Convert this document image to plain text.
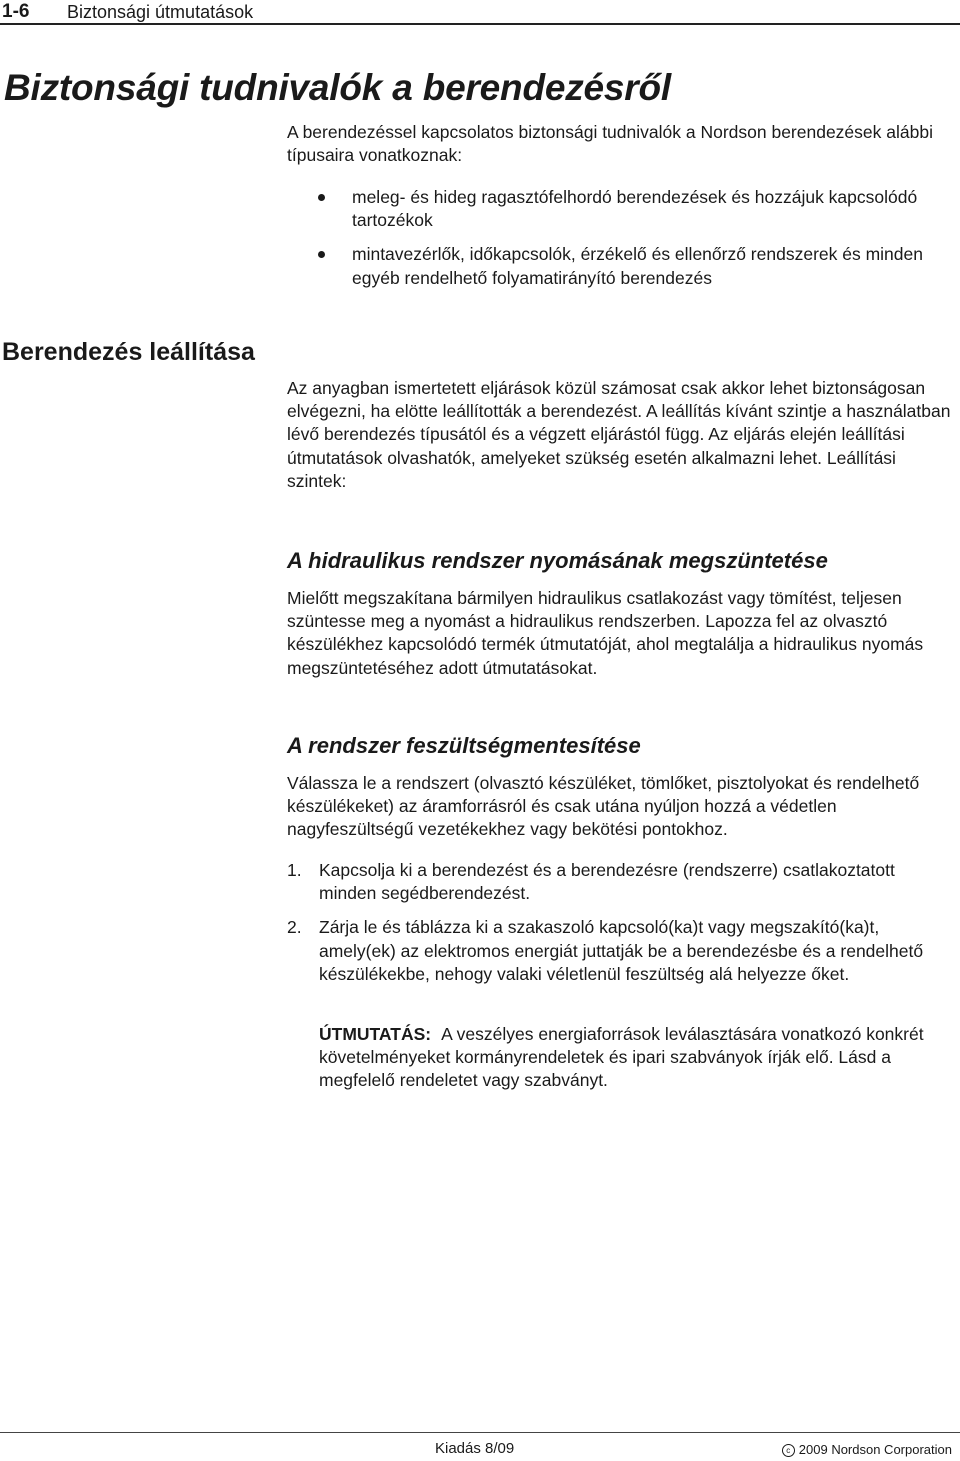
1-6 Biztonsági útmutatások
Biztonsági tudnivalók a berendezésről
A berendezéssel kapcsolatos biztonsági tudnivalók a Nordson berendezések alábbi típusaira vonatkoznak:
meleg- és hideg ragasztófelhordó berendezések és hozzájuk kapcsolódó tartozékok
mintavezérlők, időkapcsolók, érzékelő és ellenőrző rendszerek és minden egyéb rendelhető folyamatirányító berendezés
Berendezés leállítása
Az anyagban ismertetett eljárások közül számosat csak akkor lehet biztonságosan elvégezni, ha elötte leállították a berendezést. A leállítás kívánt szintje a használatban lévő berendezés típusától és a végzett eljárástól függ. Az eljárás elején leállítási útmutatások olvashatók, amelyeket szükség esetén alkalmazni lehet. Leállítási szintek:
A hidraulikus rendszer nyomásának megszüntetése
Mielőtt megszakítana bármilyen hidraulikus csatlakozást vagy tömítést, teljesen szüntesse meg a nyomást a hidraulikus rendszerben. Lapozza fel az olvasztó készülékhez kapcsolódó termék útmutatóját, ahol megtalálja a hidraulikus nyomás megszüntetéséhez adott útmutatásokat.
A rendszer feszültségmentesítése
Válassza le a rendszert (olvasztó készüléket, tömlőket, pisztolyokat és rendelhető készülékeket) az áramforrásról és csak utána nyúljon hozzá a védetlen nagyfeszültségű vezetékekhez vagy bekötési pontokhoz.
1. Kapcsolja ki a berendezést és a berendezésre (rendszerre) csatlakoztatott minden segédberendezést.
2. Zárja le és táblázza ki a szakaszoló kapcsoló(ka)t vagy megszakító(ka)t, amely(ek) az elektromos energiát juttatják be a berendezésbe és a rendelhető készülékekbe, nehogy valaki véletlenül feszültség alá helyezze őket.
ÚTMUTATÁS: A veszélyes energiaforrások leválasztására vonatkozó konkrét követelményeket kormányrendeletek és ipari szabványok írják elő. Lásd a megfelelő rendeletet vagy szabványt.
Kiadás 8/09	c 2009 Nordson Corporation
